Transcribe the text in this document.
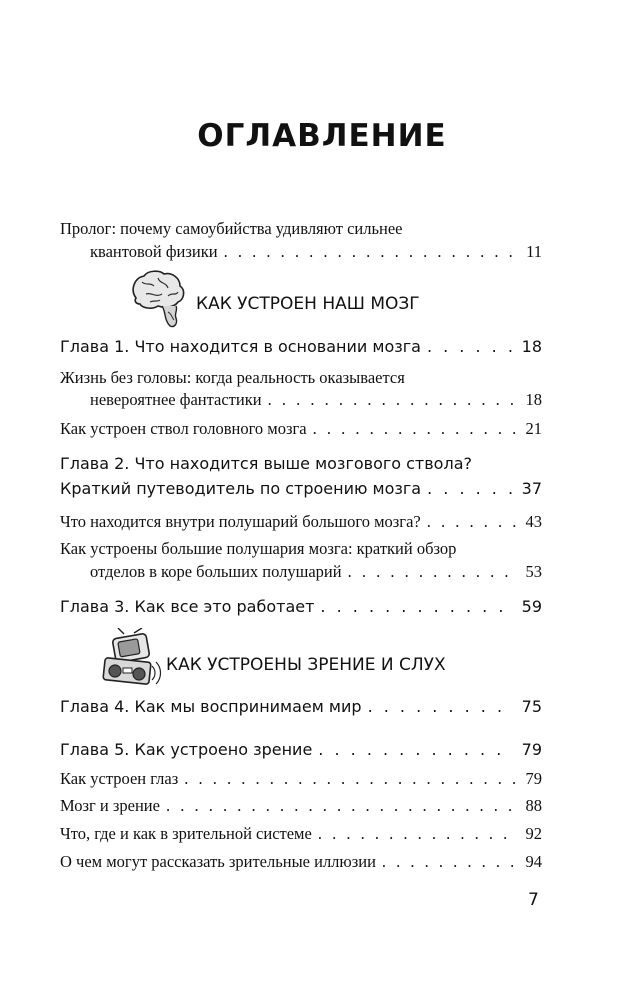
ОГЛАВЛЕНИЕ
Пролог: почему самоубийства удивляют сильнее
квантовой физики . . .	11
КАК УСТРОЕН НАШ МОЗГ
Глава 1. Что находится в основании мозга . . .	18
Жизнь без головы: когда реальность оказывается
невероятнее фантастики . . .	18
Как устроен ствол головного мозга . . .	21
Глава 2. Что находится выше мозгового ствола?
Краткий путеводитель по строению мозга . . .	37
Что находится внутри полушарий большого мозга? . . .	43
Как устроены большие полушария мозга: краткий обзор
отделов в коре больших полушарий . . .	53
Глава 3. Как все это работает . . .	59
КАК УСТРОЕНЫ ЗРЕНИЕ И СЛУХ
Глава 4. Как мы воспринимаем мир . . .	75
Глава 5. Как устроено зрение . . .	79
Как устроен глаз . . .	79
Мозг и зрение . . .	88
Что, где и как в зрительной системе . . .	92
О чем могут рассказать зрительные иллюзии . . .	94
7
